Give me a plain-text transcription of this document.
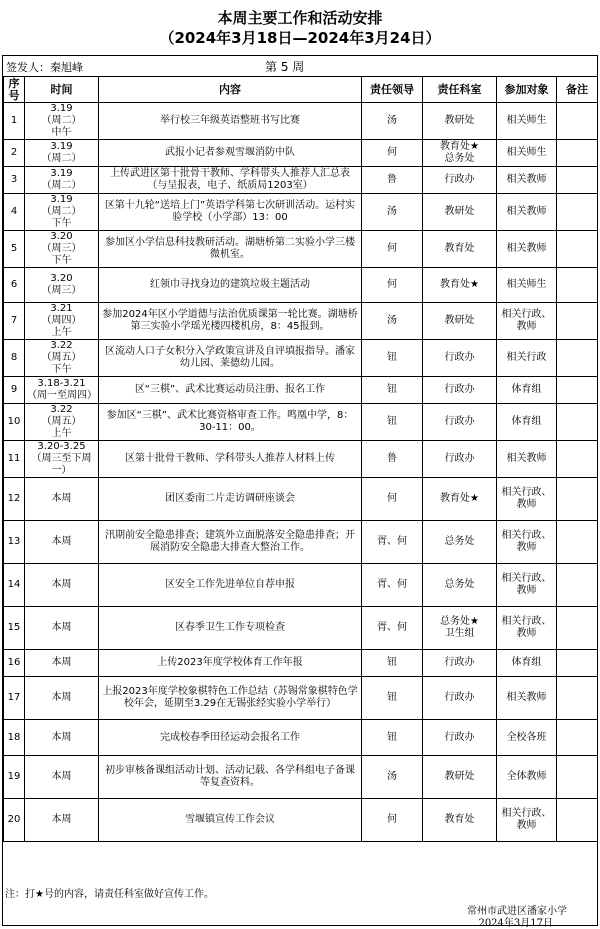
本周主要工作和活动安排
（2024年3月18日—2024年3月24日）
签发人：秦旭峰	第 5 周
序号	时间	内容	责任领导	责任科室	参加对象	备注
1	3.19
（周二）
中午	举行校三年级英语整班书写比赛	汤	教研处	相关师生	
2	3.19
（周二）	武报小记者参观雪堰消防中队	何	教育处★
总务处	相关师生	
3	3.19
（周二）	上传武进区第十批骨干教师、学科带头人推荐人汇总表（与呈报表，电子、纸质局1203室）	鲁	行政办	相关教师	
4	3.19
（周二）
下午	区第十九轮“送培上门”英语学科第七次研训活动。运村实验学校（小学部）13：00	汤	教研处	相关教师	
5	3.20
（周三）
下午	参加区小学信息科技教研活动。湖塘桥第二实验小学三楼微机室。	何	教育处	相关教师	
6	3.20
（周三）	红领巾寻找身边的建筑垃圾主题活动	何	教育处★	相关师生	
7	3.21
（周四）
上午	参加2024年区小学道德与法治优质课第一轮比赛。湖塘桥第三实验小学瑶光楼四楼机房，8：45报到。	汤	教研处	相关行政、教师	
8	3.22
（周五）
下午	区流动人口子女积分入学政策宣讲及自评填报指导。潘家幼儿园、莱德幼儿园。	钮	行政办	相关行政	
9	3.18-3.21
（周一至周四）	区“三棋”、武术比赛运动员注册、报名工作	钮	行政办	体育组	
10	3.22
（周五）
上午	参加区“三棋”、武术比赛资格审查工作。鸣凰中学，8：30-11：00。	钮	行政办	体育组	
11	3.20-3.25
（周三至下周一）	区第十批骨干教师、学科带头人推荐人材料上传	鲁	行政办	相关教师	
12	本周	团区委南二片走访调研座谈会	何	教育处★	相关行政、教师	
13	本周	汛期前安全隐患排查；建筑外立面脱落安全隐患排查；开展消防安全隐患大排查大整治工作。	胥、何	总务处	相关行政、教师	
14	本周	区安全工作先进单位自荐申报	胥、何	总务处	相关行政、教师	
15	本周	区春季卫生工作专项检查	胥、何	总务处★
卫生组	相关行政、教师	
16	本周	上传2023年度学校体育工作年报	钮	行政办	体育组	
17	本周	上报2023年度学校象棋特色工作总结（苏锡常象棋特色学校年会，延期至3.29在无锡张经实验小学举行）	钮	行政办	相关教师	
18	本周	完成校春季田径运动会报名工作	钮	行政办	全校各班	
19	本周	初步审核备课组活动计划、活动记载、各学科组电子备课等复查资料。	汤	教研处	全体教师	
20	本周	雪堰镇宣传工作会议	何	教育处	相关行政、教师	
注：打★号的内容，请责任科室做好宣传工作。
常州市武进区潘家小学
2024年3月17日
